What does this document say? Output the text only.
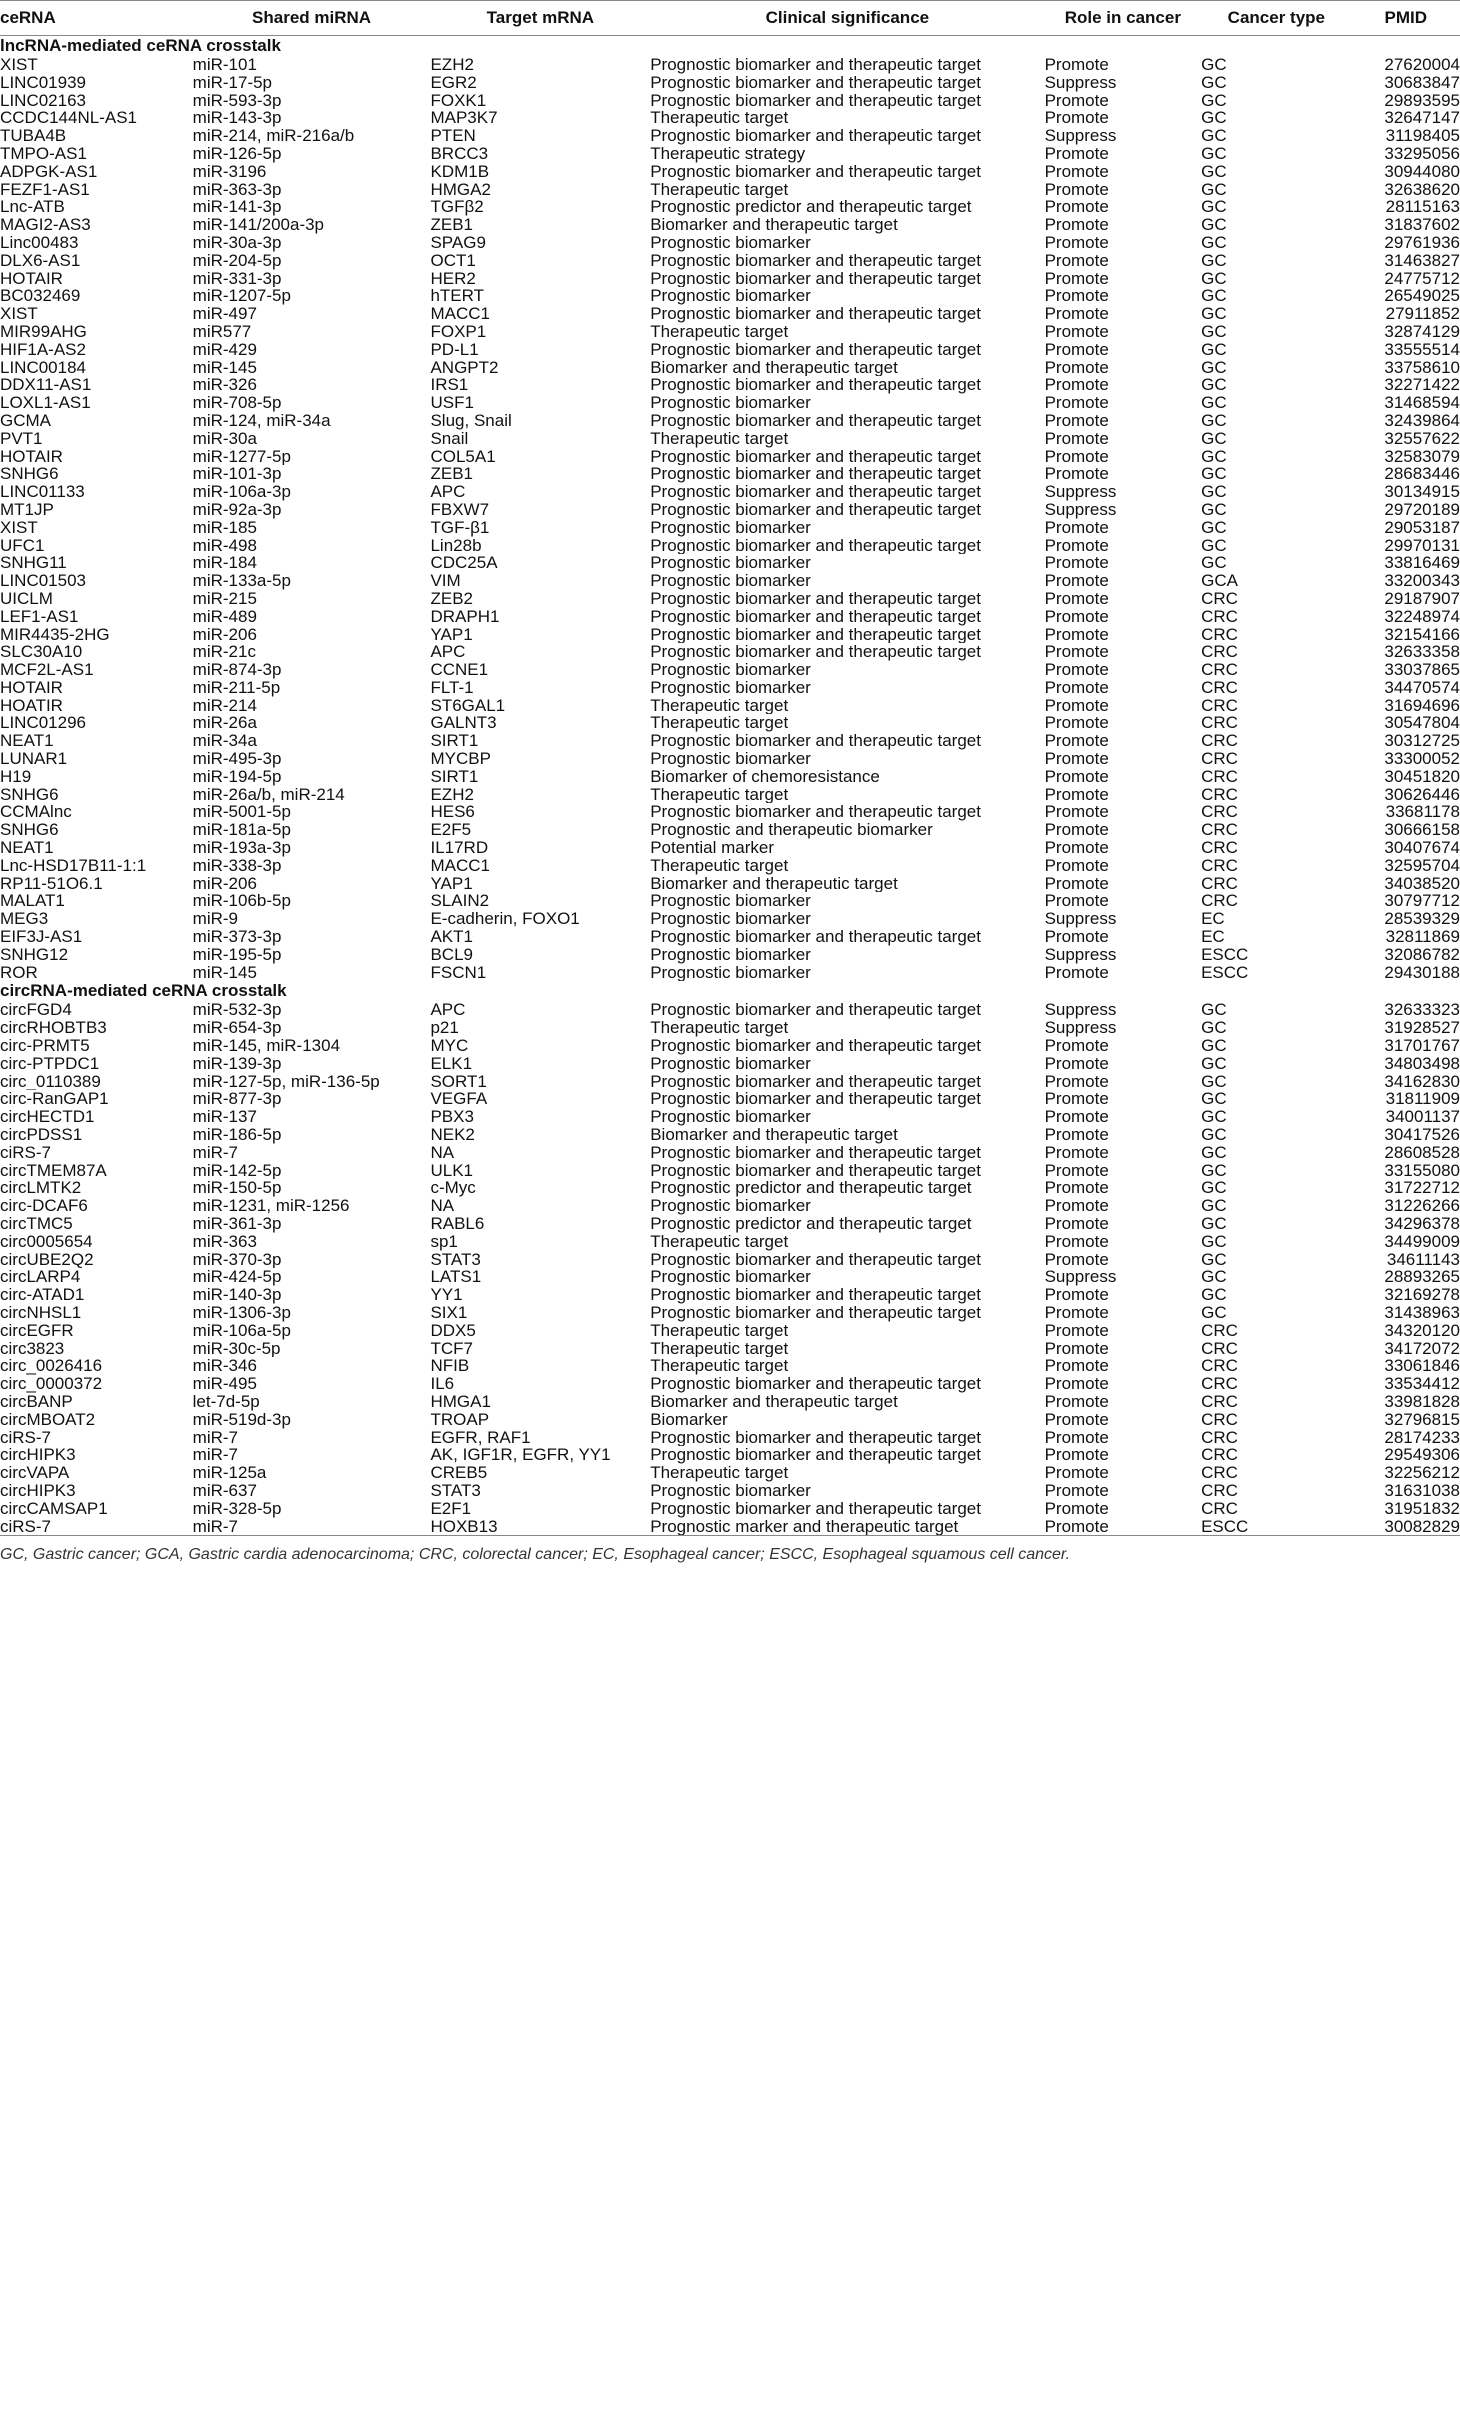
ceRNA	Shared miRNA	Target mRNA	Clinical significance	Role in cancer	Cancer type	PMID
lncRNA-mediated ceRNA crosstalk						
XIST	miR-101	EZH2	Prognostic biomarker and therapeutic target	Promote	GC	27620004
LINC01939	miR-17-5p	EGR2	Prognostic biomarker and therapeutic target	Suppress	GC	30683847
LINC02163	miR-593-3p	FOXK1	Prognostic biomarker and therapeutic target	Promote	GC	29893595
CCDC144NL-AS1	miR-143-3p	MAP3K7	Therapeutic target	Promote	GC	32647147
TUBA4B	miR-214, miR-216a/b	PTEN	Prognostic biomarker and therapeutic target	Suppress	GC	31198405
TMPO-AS1	miR-126-5p	BRCC3	Therapeutic strategy	Promote	GC	33295056
ADPGK-AS1	miR-3196	KDM1B	Prognostic biomarker and therapeutic target	Promote	GC	30944080
FEZF1-AS1	miR-363-3p	HMGA2	Therapeutic target	Promote	GC	32638620
Lnc-ATB	miR-141-3p	TGFβ2	Prognostic predictor and therapeutic target	Promote	GC	28115163
MAGI2-AS3	miR-141/200a-3p	ZEB1	Biomarker and therapeutic target	Promote	GC	31837602
Linc00483	miR-30a-3p	SPAG9	Prognostic biomarker	Promote	GC	29761936
DLX6-AS1	miR-204-5p	OCT1	Prognostic biomarker and therapeutic target	Promote	GC	31463827
HOTAIR	miR-331-3p	HER2	Prognostic biomarker and therapeutic target	Promote	GC	24775712
BC032469	miR-1207-5p	hTERT	Prognostic biomarker	Promote	GC	26549025
XIST	miR-497	MACC1	Prognostic biomarker and therapeutic target	Promote	GC	27911852
MIR99AHG	miR577	FOXP1	Therapeutic target	Promote	GC	32874129
HIF1A-AS2	miR-429	PD-L1	Prognostic biomarker and therapeutic target	Promote	GC	33555514
LINC00184	miR-145	ANGPT2	Biomarker and therapeutic target	Promote	GC	33758610
DDX11-AS1	miR-326	IRS1	Prognostic biomarker and therapeutic target	Promote	GC	32271422
LOXL1-AS1	miR-708-5p	USF1	Prognostic biomarker	Promote	GC	31468594
GCMA	miR-124, miR-34a	Slug, Snail	Prognostic biomarker and therapeutic target	Promote	GC	32439864
PVT1	miR-30a	Snail	Therapeutic target	Promote	GC	32557622
HOTAIR	miR-1277-5p	COL5A1	Prognostic biomarker and therapeutic target	Promote	GC	32583079
SNHG6	miR-101-3p	ZEB1	Prognostic biomarker and therapeutic target	Promote	GC	28683446
LINC01133	miR-106a-3p	APC	Prognostic biomarker and therapeutic target	Suppress	GC	30134915
MT1JP	miR-92a-3p	FBXW7	Prognostic biomarker and therapeutic target	Suppress	GC	29720189
XIST	miR-185	TGF-β1	Prognostic biomarker	Promote	GC	29053187
UFC1	miR-498	Lin28b	Prognostic biomarker and therapeutic target	Promote	GC	29970131
SNHG11	miR-184	CDC25A	Prognostic biomarker	Promote	GC	33816469
LINC01503	miR-133a-5p	VIM	Prognostic biomarker	Promote	GCA	33200343
UICLM	miR-215	ZEB2	Prognostic biomarker and therapeutic target	Promote	CRC	29187907
LEF1-AS1	miR-489	DRAPH1	Prognostic biomarker and therapeutic target	Promote	CRC	32248974
MIR4435-2HG	miR-206	YAP1	Prognostic biomarker and therapeutic target	Promote	CRC	32154166
SLC30A10	miR-21c	APC	Prognostic biomarker and therapeutic target	Promote	CRC	32633358
MCF2L-AS1	miR-874-3p	CCNE1	Prognostic biomarker	Promote	CRC	33037865
HOTAIR	miR-211-5p	FLT-1	Prognostic biomarker	Promote	CRC	34470574
HOATIR	miR-214	ST6GAL1	Therapeutic target	Promote	CRC	31694696
LINC01296	miR-26a	GALNT3	Therapeutic target	Promote	CRC	30547804
NEAT1	miR-34a	SIRT1	Prognostic biomarker and therapeutic target	Promote	CRC	30312725
LUNAR1	miR-495-3p	MYCBP	Prognostic biomarker	Promote	CRC	33300052
H19	miR-194-5p	SIRT1	Biomarker of chemoresistance	Promote	CRC	30451820
SNHG6	miR-26a/b, miR-214	EZH2	Therapeutic target	Promote	CRC	30626446
CCMAlnc	miR-5001-5p	HES6	Prognostic biomarker and therapeutic target	Promote	CRC	33681178
SNHG6	miR-181a-5p	E2F5	Prognostic and therapeutic biomarker	Promote	CRC	30666158
NEAT1	miR-193a-3p	IL17RD	Potential marker	Promote	CRC	30407674
Lnc-HSD17B11-1:1	miR-338-3p	MACC1	Therapeutic target	Promote	CRC	32595704
RP11-51O6.1	miR-206	YAP1	Biomarker and therapeutic target	Promote	CRC	34038520
MALAT1	miR-106b-5p	SLAIN2	Prognostic biomarker	Promote	CRC	30797712
MEG3	miR-9	E-cadherin, FOXO1	Prognostic biomarker	Suppress	EC	28539329
EIF3J-AS1	miR-373-3p	AKT1	Prognostic biomarker and therapeutic target	Promote	EC	32811869
SNHG12	miR-195-5p	BCL9	Prognostic biomarker	Suppress	ESCC	32086782
ROR	miR-145	FSCN1	Prognostic biomarker	Promote	ESCC	29430188
circRNA-mediated ceRNA crosstalk						
circFGD4	miR-532-3p	APC	Prognostic biomarker and therapeutic target	Suppress	GC	32633323
circRHOBTB3	miR-654-3p	p21	Therapeutic target	Suppress	GC	31928527
circ-PRMT5	miR-145, miR-1304	MYC	Prognostic biomarker and therapeutic target	Promote	GC	31701767
circ-PTPDC1	miR-139-3p	ELK1	Prognostic biomarker	Promote	GC	34803498
circ_0110389	miR-127-5p, miR-136-5p	SORT1	Prognostic biomarker and therapeutic target	Promote	GC	34162830
circ-RanGAP1	miR-877-3p	VEGFA	Prognostic biomarker and therapeutic target	Promote	GC	31811909
circHECTD1	miR-137	PBX3	Prognostic biomarker	Promote	GC	34001137
circPDSS1	miR-186-5p	NEK2	Biomarker and therapeutic target	Promote	GC	30417526
ciRS-7	miR-7	NA	Prognostic biomarker and therapeutic target	Promote	GC	28608528
circTMEM87A	miR-142-5p	ULK1	Prognostic biomarker and therapeutic target	Promote	GC	33155080
circLMTK2	miR-150-5p	c-Myc	Prognostic predictor and therapeutic target	Promote	GC	31722712
circ-DCAF6	miR-1231, miR-1256	NA	Prognostic biomarker	Promote	GC	31226266
circTMC5	miR-361-3p	RABL6	Prognostic predictor and therapeutic target	Promote	GC	34296378
circ0005654	miR-363	sp1	Therapeutic target	Promote	GC	34499009
circUBE2Q2	miR-370-3p	STAT3	Prognostic biomarker and therapeutic target	Promote	GC	34611143
circLARP4	miR-424-5p	LATS1	Prognostic biomarker	Suppress	GC	28893265
circ-ATAD1	miR-140-3p	YY1	Prognostic biomarker and therapeutic target	Promote	GC	32169278
circNHSL1	miR-1306-3p	SIX1	Prognostic biomarker and therapeutic target	Promote	GC	31438963
circEGFR	miR-106a-5p	DDX5	Therapeutic target	Promote	CRC	34320120
circ3823	miR-30c-5p	TCF7	Therapeutic target	Promote	CRC	34172072
circ_0026416	miR-346	NFIB	Therapeutic target	Promote	CRC	33061846
circ_0000372	miR-495	IL6	Prognostic biomarker and therapeutic target	Promote	CRC	33534412
circBANP	let-7d-5p	HMGA1	Biomarker and therapeutic target	Promote	CRC	33981828
circMBOAT2	miR-519d-3p	TROAP	Biomarker	Promote	CRC	32796815
ciRS-7	miR-7	EGFR, RAF1	Prognostic biomarker and therapeutic target	Promote	CRC	28174233
circHIPK3	miR-7	AK, IGF1R, EGFR, YY1	Prognostic biomarker and therapeutic target	Promote	CRC	29549306
circVAPA	miR-125a	CREB5	Therapeutic target	Promote	CRC	32256212
circHIPK3	miR-637	STAT3	Prognostic biomarker	Promote	CRC	31631038
circCAMSAP1	miR-328-5p	E2F1	Prognostic biomarker and therapeutic target	Promote	CRC	31951832
ciRS-7	miR-7	HOXB13	Prognostic marker and therapeutic target	Promote	ESCC	30082829
GC, Gastric cancer; GCA, Gastric cardia adenocarcinoma; CRC, colorectal cancer; EC, Esophageal cancer; ESCC, Esophageal squamous cell cancer.
